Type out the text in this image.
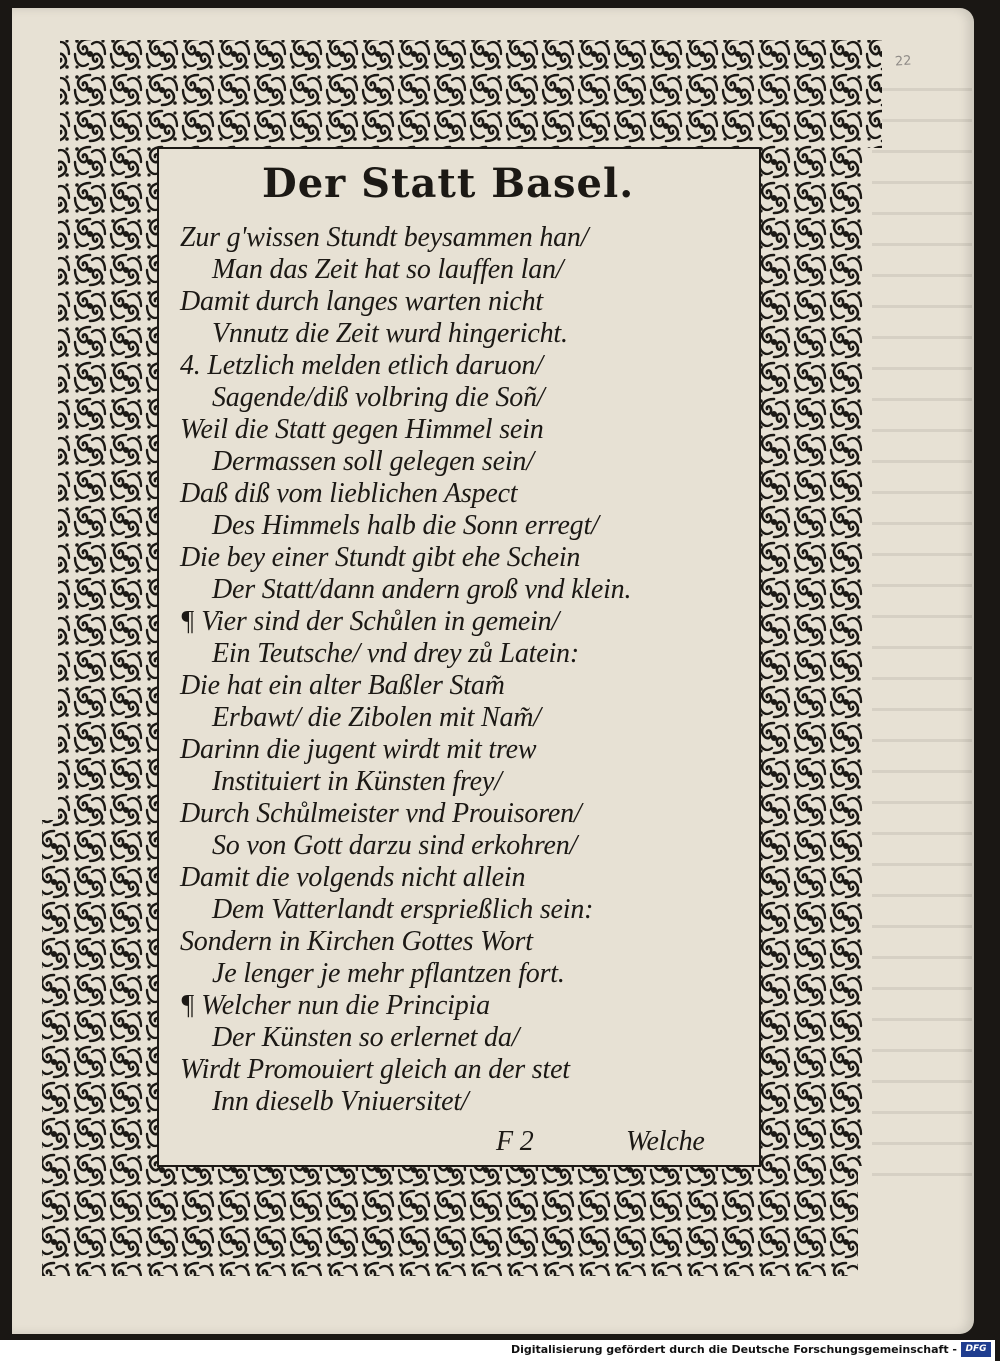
22
Der Statt Basel.
Zur g'wissen Stundt beysammen han/
Man das Zeit hat so lauffen lan/
Damit durch langes warten nicht
Vnnutz die Zeit wurd hingericht.
4. Letzlich melden etlich daruon/
Sagende/diß volbring die Soñ/
Weil die Statt gegen Himmel sein
Dermassen soll gelegen sein/
Daß diß vom lieblichen Aspect
Des Himmels halb die Sonn erregt/
Die bey einer Stundt gibt ehe Schein
Der Statt/dann andern groß vnd klein.
¶ Vier sind der Schůlen in gemein/
Ein Teutsche/ vnd drey zů Latein:
Die hat ein alter Baßler Stam̃
Erbawt/ die Zibolen mit Nam̃/
Darinn die jugent wirdt mit trew
Instituiert in Künsten frey/
Durch Schůlmeister vnd Prouisoren/
So von Gott darzu sind erkohren/
Damit die volgends nicht allein
Dem Vatterlandt ersprießlich sein:
Sondern in Kirchen Gottes Wort
Je lenger je mehr pflantzen fort.
¶ Welcher nun die Principia
Der Künsten so erlernet da/
Wirdt Promouiert gleich an der stet
Inn dieselb Vniuersitet/
F 2	Welche
Digitalisierung gefördert durch die Deutsche Forschungsgemeinschaft - DFG
